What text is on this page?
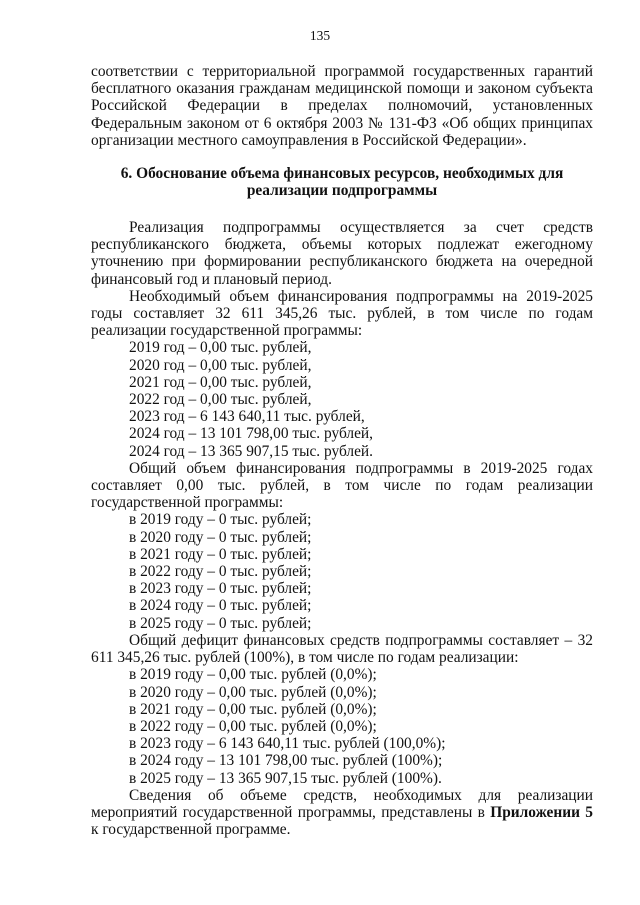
135

соответствии с территориальной программой государственных гарантий бесплатного оказания гражданам медицинской помощи и законом субъекта Российской Федерации в пределах полномочий, установленных Федеральным законом от 6 октября 2003 № 131-ФЗ «Об общих принципах организации местного самоуправления в Российской Федерации».

6. Обоснование объема финансовых ресурсов, необходимых для
реализации подпрограммы

Реализация подпрограммы осуществляется за счет средств республиканского бюджета, объемы которых подлежат ежегодному уточнению при формировании республиканского бюджета на очередной финансовый год и плановый период.

Необходимый объем финансирования подпрограммы на 2019-2025 годы составляет 32 611 345,26 тыс. рублей, в том числе по годам реализации государственной программы:

2019 год – 0,00 тыс. рублей,
2020 год – 0,00 тыс. рублей,
2021 год – 0,00 тыс. рублей,
2022 год – 0,00 тыс. рублей,
2023 год – 6 143 640,11 тыс. рублей,
2024 год – 13 101 798,00 тыс. рублей,
2024 год – 13 365 907,15 тыс. рублей.

Общий объем финансирования подпрограммы в 2019-2025 годах составляет 0,00 тыс. рублей, в том числе по годам реализации государственной программы:

в 2019 году – 0 тыс. рублей;
в 2020 году – 0 тыс. рублей;
в 2021 году – 0 тыс. рублей;
в 2022 году – 0 тыс. рублей;
в 2023 году – 0 тыс. рублей;
в 2024 году – 0 тыс. рублей;
в 2025 году – 0 тыс. рублей;

Общий дефицит финансовых средств подпрограммы составляет – 32 611 345,26 тыс. рублей (100%), в том числе по годам реализации:

в 2019 году – 0,00 тыс. рублей (0,0%);
в 2020 году – 0,00 тыс. рублей (0,0%);
в 2021 году – 0,00 тыс. рублей (0,0%);
в 2022 году – 0,00 тыс. рублей (0,0%);
в 2023 году – 6 143 640,11 тыс. рублей (100,0%);
в 2024 году – 13 101 798,00 тыс. рублей (100%);
в 2025 году – 13 365 907,15 тыс. рублей (100%).

Сведения об объеме средств, необходимых для реализации мероприятий государственной программы, представлены в Приложении 5 к государственной программе.
